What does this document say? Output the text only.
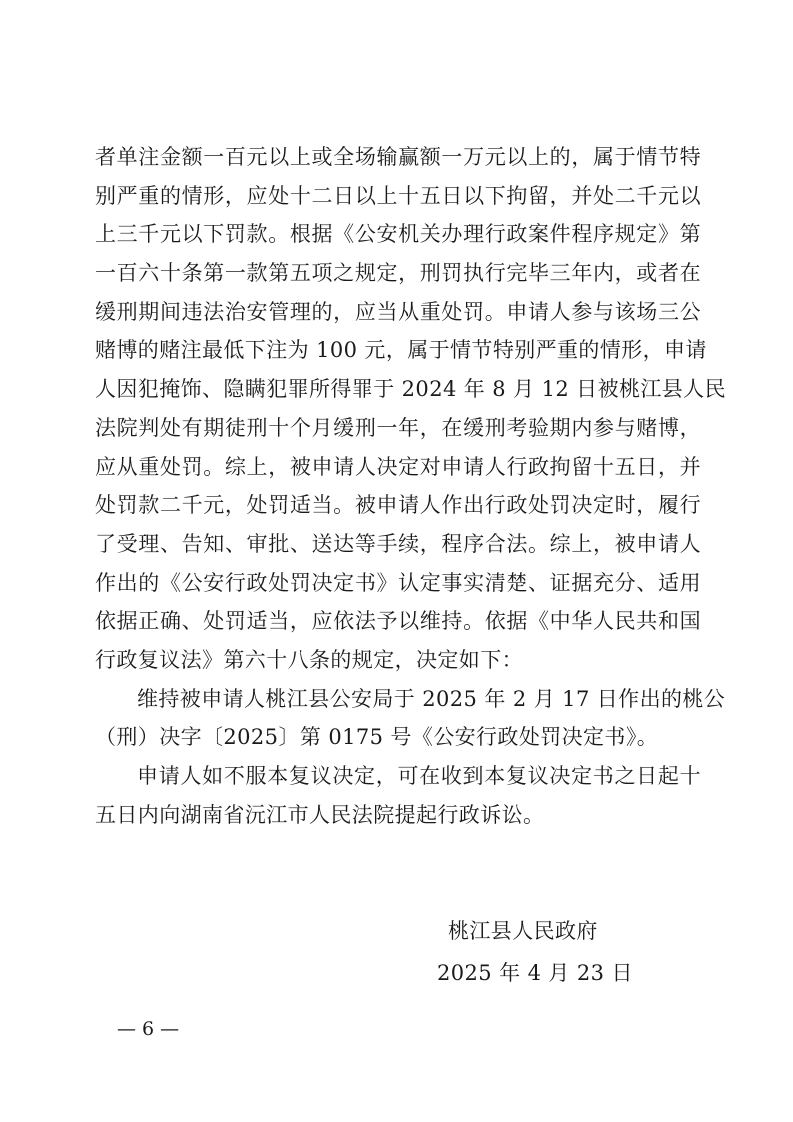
者单注金额一百元以上或全场输赢额一万元以上的，属于情节特
别严重的情形，应处十二日以上十五日以下拘留，并处二千元以
上三千元以下罚款。根据《公安机关办理行政案件程序规定》第
一百六十条第一款第五项之规定，刑罚执行完毕三年内，或者在
缓刑期间违法治安管理的，应当从重处罚。申请人参与该场三公
赌博的赌注最低下注为 100 元，属于情节特别严重的情形，申请
人因犯掩饰、隐瞒犯罪所得罪于 2024 年 8 月 12 日被桃江县人民
法院判处有期徒刑十个月缓刑一年，在缓刑考验期内参与赌博，
应从重处罚。综上，被申请人决定对申请人行政拘留十五日，并
处罚款二千元，处罚适当。被申请人作出行政处罚决定时，履行
了受理、告知、审批、送达等手续，程序合法。综上，被申请人
作出的《公安行政处罚决定书》认定事实清楚、证据充分、适用
依据正确、处罚适当，应依法予以维持。依据《中华人民共和国
行政复议法》第六十八条的规定，决定如下：
维持被申请人桃江县公安局于 2025 年 2 月 17 日作出的桃公
（刑）决字〔2025〕第 0175 号《公安行政处罚决定书》。
申请人如不服本复议决定，可在收到本复议决定书之日起十
五日内向湖南省沅江市人民法院提起行政诉讼。
桃江县人民政府
2025 年 4 月 23 日
— 6 —
